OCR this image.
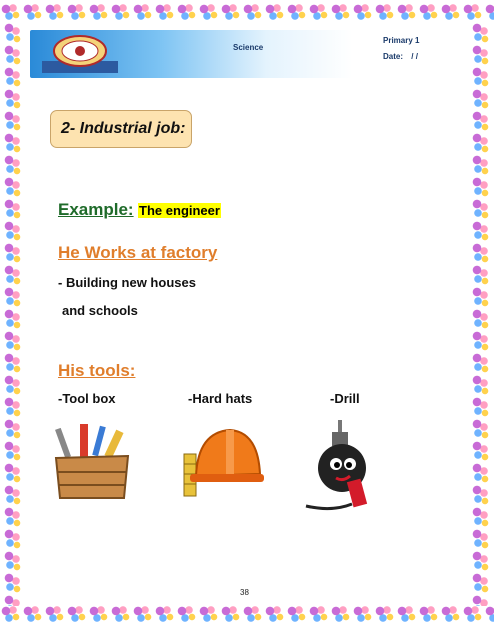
Science
Primary 1
Date: / /
2- Industrial job:
Example: The engineer
He Works at factory
- Building new houses
and schools
His tools:
-Tool box	-Hard hats	-Drill
38
